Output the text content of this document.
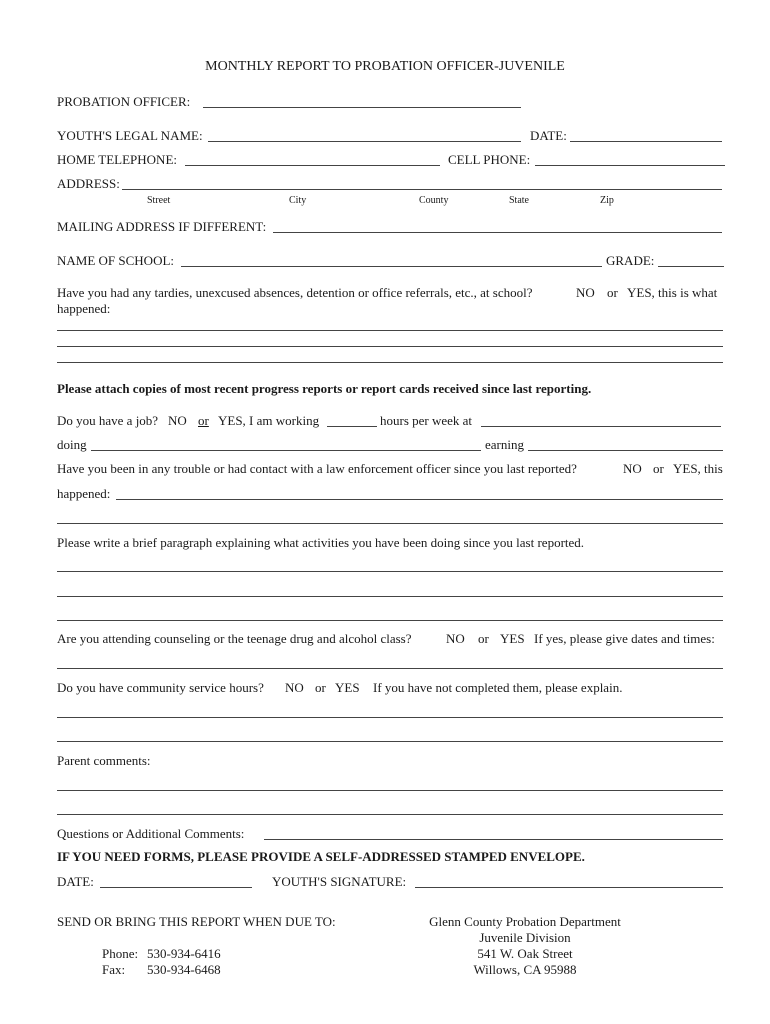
MONTHLY REPORT TO PROBATION OFFICER-JUVENILE
PROBATION OFFICER:
YOUTH'S LEGAL NAME:	DATE:
HOME TELEPHONE:	CELL PHONE:
ADDRESS:
Street	City	County	State	Zip
MAILING ADDRESS IF DIFFERENT:
NAME OF SCHOOL:	GRADE:
Have you had any tardies, unexcused absences, detention or office referrals, etc., at school?	NO or YES, this is what
happened:
Please attach copies of most recent progress reports or report cards received since last reporting.
Do you have a job? NO or YES, I am working	hours per week at
doing	earning
Have you been in any trouble or had contact with a law enforcement officer since you last reported?	NO or YES, this
happened:
Please write a brief paragraph explaining what activities you have been doing since you last reported.
Are you attending counseling or the teenage drug and alcohol class?	NO or YES If yes, please give dates and times:
Do you have community service hours? NO or YES If you have not completed them, please explain.
Parent comments:
Questions or Additional Comments:
IF YOU NEED FORMS, PLEASE PROVIDE A SELF-ADDRESSED STAMPED ENVELOPE.
DATE:	YOUTH'S SIGNATURE:
SEND OR BRING THIS REPORT WHEN DUE TO:
Phone: 530-934-6416
Fax: 530-934-6468
Glenn County Probation Department
Juvenile Division
541 W. Oak Street
Willows, CA 95988
